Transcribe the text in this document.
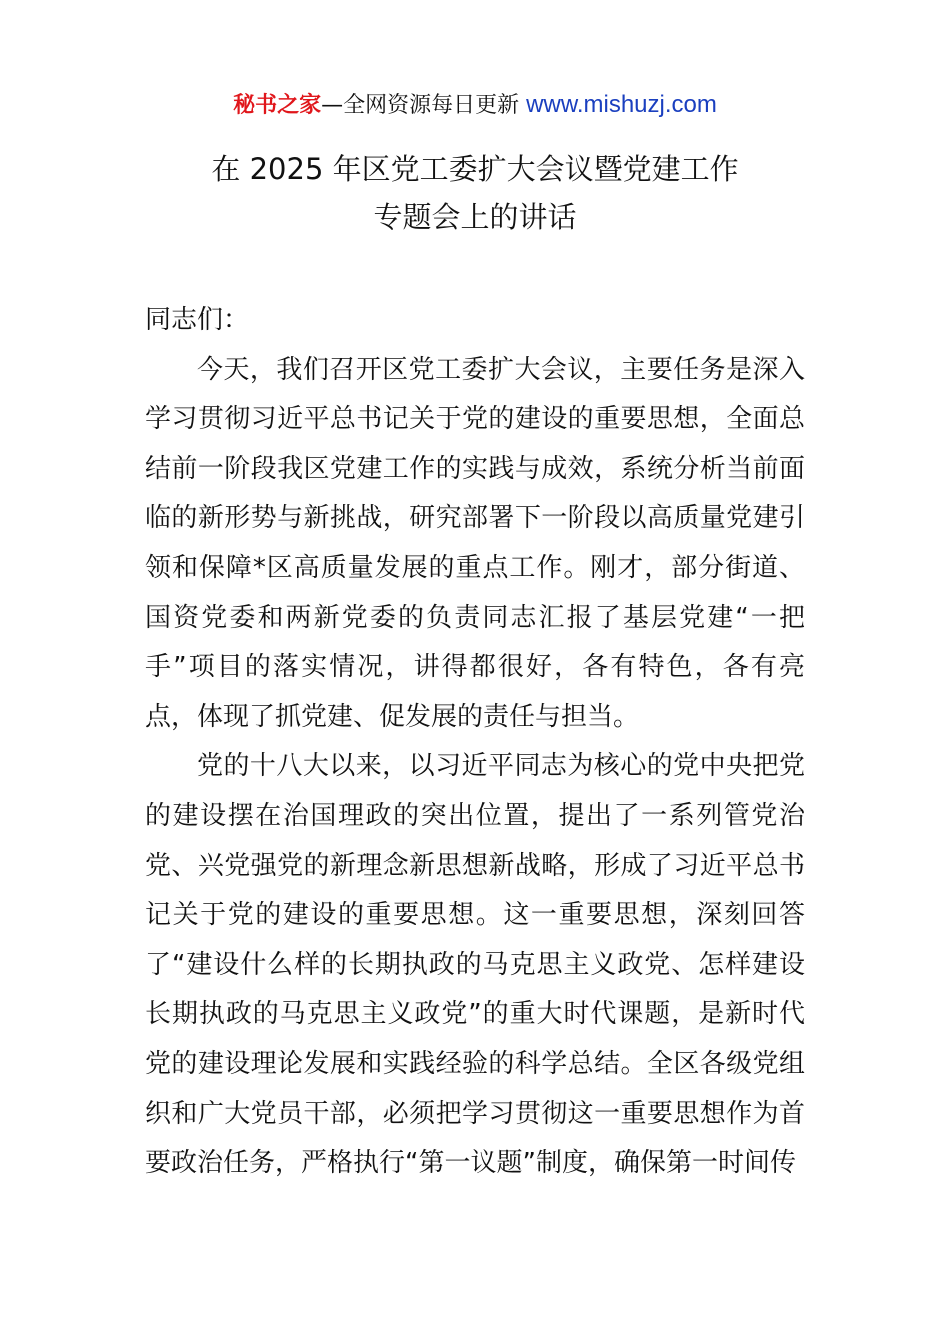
秘书之家—全网资源每日更新 www.mishuzj.com
在 2025 年区党工委扩大会议暨党建工作
专题会上的讲话

同志们：

今天，我们召开区党工委扩大会议，主要任务是深入学习贯彻习近平总书记关于党的建设的重要思想，全面总结前一阶段我区党建工作的实践与成效，系统分析当前面临的新形势与新挑战，研究部署下一阶段以高质量党建引领和保障*区高质量发展的重点工作。刚才，部分街道、国资党委和两新党委的负责同志汇报了基层党建“一把手”项目的落实情况，讲得都很好，各有特色，各有亮点，体现了抓党建、促发展的责任与担当。

党的十八大以来，以习近平同志为核心的党中央把党的建设摆在治国理政的突出位置，提出了一系列管党治党、兴党强党的新理念新思想新战略，形成了习近平总书记关于党的建设的重要思想。这一重要思想，深刻回答了“建设什么样的长期执政的马克思主义政党、怎样建设长期执政的马克思主义政党”的重大时代课题，是新时代党的建设理论发展和实践经验的科学总结。全区各级党组织和广大党员干部，必须把学习贯彻这一重要思想作为首要政治任务，严格执行“第一议题”制度，确保第一时间传
